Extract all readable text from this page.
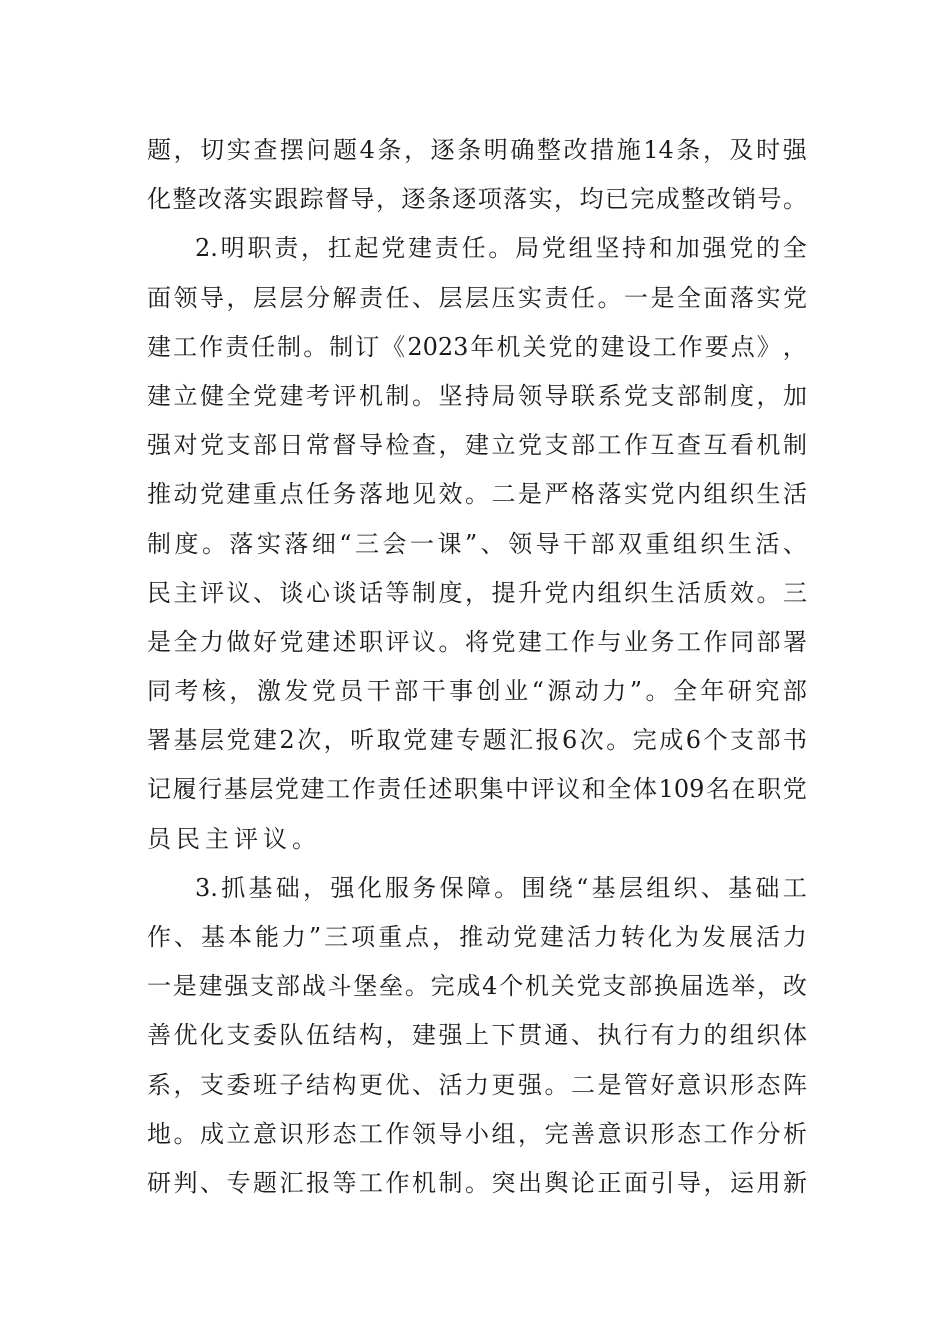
题 ， 切 实 查 摆 问 题 4 条 ， 逐 条 明 确 整 改 措 施 14 条 ， 及 时 强
化 整 改 落 实 跟 踪 督 导 ， 逐 条 逐 项 落 实 ， 均 已 完 成 整 改 销 号 。
2. 明 职 责 ， 扛 起 党 建 责 任 。 局 党 组 坚 持 和 加 强 党 的 全
面 领 导 ， 层 层 分 解 责 任 、 层 层 压 实 责 任 。 一 是 全 面 落 实 党
建 工 作 责 任 制 。 制 订 《 2023 年 机 关 党 的 建 设 工 作 要 点 》 ，
建 立 健 全 党 建 考 评 机 制 。 坚 持 局 领 导 联 系 党 支 部 制 度 ， 加
强 对 党 支 部 日 常 督 导 检 查 ， 建 立 党 支 部 工 作 互 查 互 看 机 制
推 动 党 建 重 点 任 务 落 地 见 效 。 二 是 严 格 落 实 党 内 组 织 生 活
制 度 。 落 实 落 细 “ 三 会 一 课 ” 、 领 导 干 部 双 重 组 织 生 活 、
民 主 评 议 、 谈 心 谈 话 等 制 度 ， 提 升 党 内 组 织 生 活 质 效 。 三
是 全 力 做 好 党 建 述 职 评 议 。 将 党 建 工 作 与 业 务 工 作 同 部 署
同 考 核 ， 激 发 党 员 干 部 干 事 创 业 “ 源 动 力 ” 。 全 年 研 究 部
署 基 层 党 建 2 次 ， 听 取 党 建 专 题 汇 报 6 次 。 完 成 6 个 支 部 书
记 履 行 基 层 党 建 工 作 责 任 述 职 集 中 评 议 和 全 体 109 名 在 职 党
员民主评议。
3. 抓 基 础 ， 强 化 服 务 保 障 。 围 绕 “ 基 层 组 织 、 基 础 工
作 、 基 本 能 力 ” 三 项 重 点 ， 推 动 党 建 活 力 转 化 为 发 展 活 力
一 是 建 强 支 部 战 斗 堡 垒 。 完 成 4 个 机 关 党 支 部 换 届 选 举 ， 改
善 优 化 支 委 队 伍 结 构 ， 建 强 上 下 贯 通 、 执 行 有 力 的 组 织 体
系 ， 支 委 班 子 结 构 更 优 、 活 力 更 强 。 二 是 管 好 意 识 形 态 阵
地 。 成 立 意 识 形 态 工 作 领 导 小 组 ， 完 善 意 识 形 态 工 作 分 析
研 判 、 专 题 汇 报 等 工 作 机 制 。 突 出 舆 论 正 面 引 导 ， 运 用 新
